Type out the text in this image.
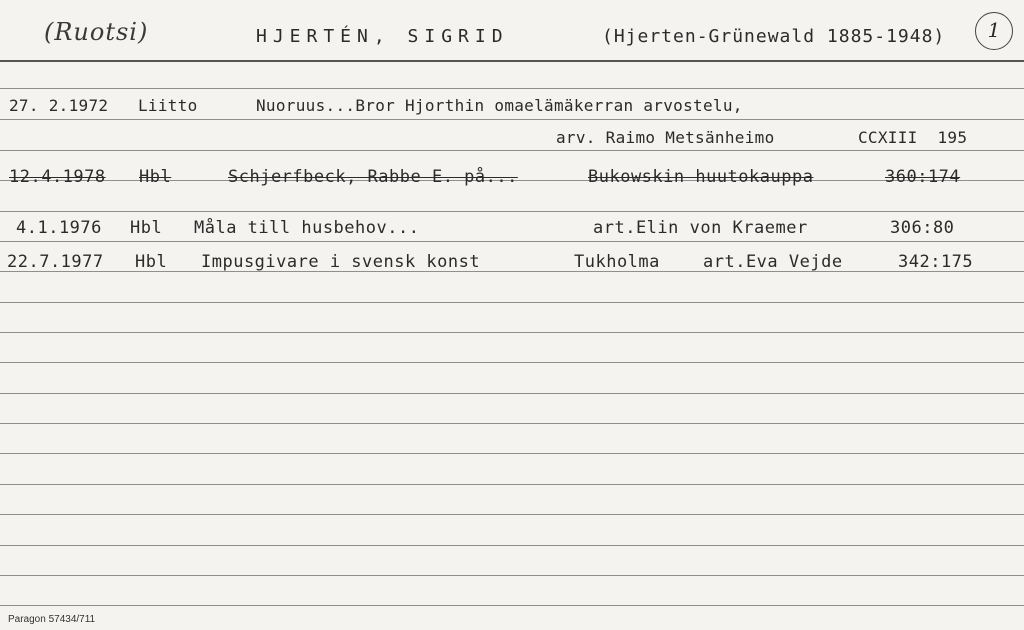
(Ruotsi)	HJERTÉN, SIGRID	(Hjerten-Grünewald 1885-1948)	1
27. 2.1972 Liitto	Nuoruus...Bror Hjorthin omaelämäkerran arvostelu,
arv. Raimo Metsänheimo	CCXIII  195
12.4.1978 Hbl	Schjerfbeck, Rabbe E. på...	Bukowskin huutokauppa	360:174
4.1.1976 Hbl Måla till husbehov...	art.Elin von Kraemer	306:80
22.7.1977 Hbl Impusgivare i svensk konst	Tukholma	art.Eva Vejde	342:175
Paragon 57434/711
